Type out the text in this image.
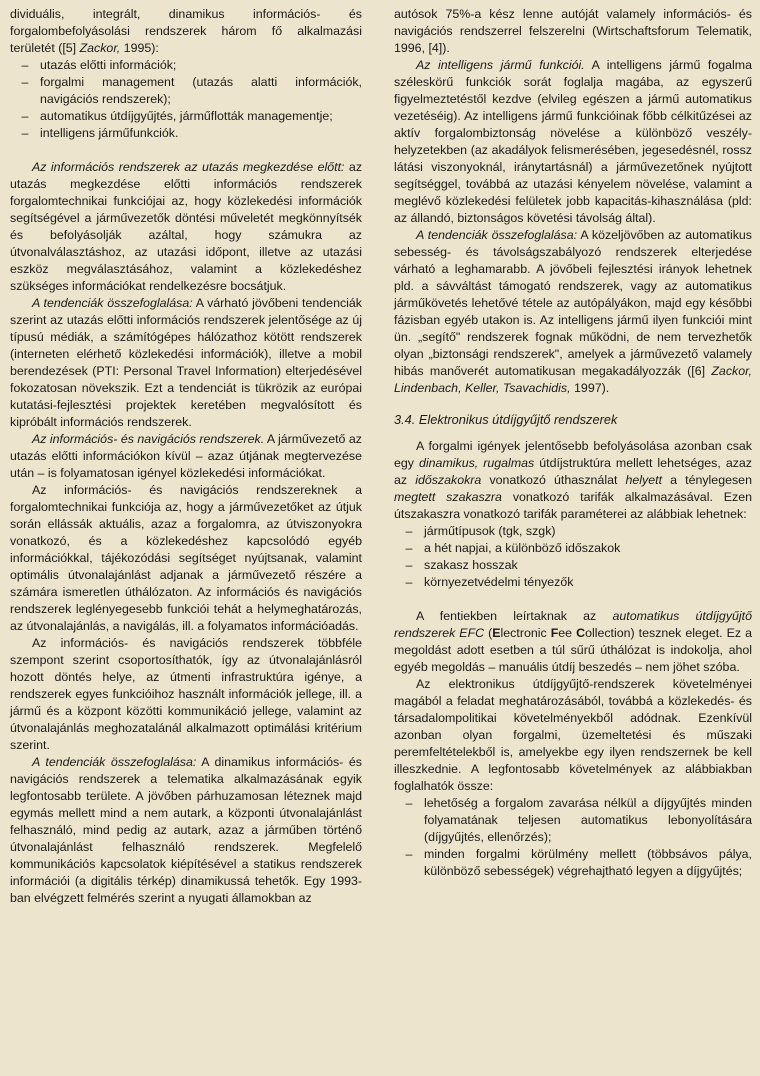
dividuális, integrált, dinamikus információs- és forgalombefolyásolási rendszerek három fő alkalmazási területét ([5] Zackor, 1995):

– utazás előtti információk;
– forgalmi management (utazás alatti információk, navigációs rendszerek);
– automatikus útdíjgyűjtés, járműflották managementje;
– intelligens járműfunkciók.

Az információs rendszerek az utazás megkezdése előtt: az utazás megkezdése előtti információs rendszerek forgalomtechnikai funkciójai az, hogy közlekedési információk segítségével a járművezetők döntési műveletét megkönnyítsék és befolyásolják azáltal, hogy számukra az útvonalválasztáshoz, az utazási időpont, illetve az utazási eszköz megválasztásához, valamint a közlekedéshez szükséges információkat rendelkezésre bocsátjuk.

A tendenciák összefoglalása: A várható jövőbeni tendenciák szerint az utazás előtti információs rendszerek jelentősége az új típusú médiák, a számítógépes hálózathoz kötött rendszerek (interneten elérhető közlekedési információk), illetve a mobil berendezések (PTI: Personal Travel Information) elterjedésével fokozatosan növekszik. Ezt a tendenciát is tükrözik az európai kutatási-fejlesztési projektek keretében megvalósított és kipróbált információs rendszerek.

Az információs- és navigációs rendszerek. A járművezető az utazás előtti információkon kívül – azaz útjának megtervezése után – is folyamatosan igényel közlekedési információkat.

Az információs- és navigációs rendszereknek a forgalomtechnikai funkciója az, hogy a járművezetőket az útjuk során ellássák aktuális, azaz a forgalomra, az útviszonyokra vonatkozó, és a közlekedéshez kapcsolódó egyéb információkkal, tájékozódási segítséget nyújtsanak, valamint optimális útvonalajánlást adjanak a járművezető részére a számára ismeretlen úthálózaton. Az információs és navigációs rendszerek leglényegesebb funkciói tehát a helymeghatározás, az útvonalajánlás, a navigálás, ill. a folyamatos információadás.

Az információs- és navigációs rendszerek többféle szempont szerint csoportosíthatók, így az útvonalajánlásról hozott döntés helye, az útmenti infrastruktúra igénye, a rendszerek egyes funkcióihoz használt információk jellege, ill. a jármű és a központ közötti kommunikáció jellege, valamint az útvonalajánlás meghozatalánál alkalmazott optimálási kritérium szerint.

A tendenciák összefoglalása: A dinamikus információs- és navigációs rendszerek a telematika alkalmazásának egyik legfontosabb területe. A jövőben párhuzamosan léteznek majd egymás mellett mind a nem autark, a központi útvonalajánlást felhasználó, mind pedig az autark, azaz a járműben történő útvonalajánlást felhasználó rendszerek. Megfelelő kommunikációs kapcsolatok kiépítésével a statikus rendszerek információi (a digitális térkép) dinamikussá tehetők. Egy 1993-ban elvégzett felmérés szerint a nyugati államokban az

autósok 75%-a kész lenne autóját valamely információs- és navigációs rendszerrel felszerelni (Wirtschaftsforum Telematik, 1996, [4]).

Az intelligens jármű funkciói. A intelligens jármű fogalma széleskörű funkciók sorát foglalja magába, az egyszerű figyelmeztetéstől kezdve (elvileg egészen a jármű automatikus vezetéséig). Az intelligens jármű funkcióinak főbb célkitűzései az aktív forgalombiztonság növelése a különböző veszély-helyzetekben (az akadályok felismerésében, jegesedésnél, rossz látási viszonyoknál, iránytartásnál) a járművezetőnek nyújtott segítséggel, továbbá az utazási kényelem növelése, valamint a meglévő közlekedési felületek jobb kapacitás-kihasználása (pld: az állandó, biztonságos követési távolság által).

A tendenciák összefoglalása: A közeljövőben az automatikus sebesség- és távolságszabályozó rendszerek elterjedése várható a leghamarabb. A jövőbeli fejlesztési irányok lehetnek pld. a sávváltást támogató rendszerek, vagy az automatikus járműkövetés lehetővé tétele az autópályákon, majd egy későbbi fázisban egyéb utakon is. Az intelligens jármű ilyen funkciói mint ün. „segítő" rendszerek fognak működni, de nem tervezhetők olyan „biztonsági rendszerek", amelyek a járművezető valamely hibás manőverét automatikusan megakadályozzák ([6] Zackor, Lindenbach, Keller, Tsavachidis, 1997).

3.4. Elektronikus útdíjgyűjtő rendszerek

A forgalmi igények jelentősebb befolyásolása azonban csak egy dinamikus, rugalmas útdíjstruktúra mellett lehetséges, azaz az időszakokra vonatkozó úthasználat helyett a ténylegesen megtett szakaszra vonatkozó tarifák alkalmazásával. Ezen útszakaszra vonatkozó tarifák paraméterei az alábbiak lehetnek:

– járműtípusok (tgk, szgk)
– a hét napjai, a különböző időszakok
– szakasz hosszak
– környezetvédelmi tényezők

A fentiekben leírtaknak az automatikus útdíjgyűjtő rendszerek EFC (Electronic Fee Collection) tesznek eleget. Ez a megoldást adott esetben a túl sűrű úthálózat is indokolja, ahol egyéb megoldás – manuális útdíj beszedés – nem jöhet szóba.

Az elektronikus útdíjgyűjtő-rendszerek követelményei magából a feladat meghatározásából, továbbá a közlekedés- és társadalompolitikai követelményekből adódnak. Ezenkívül azonban olyan forgalmi, üzemeltetési és műszaki peremfeltételekből is, amelyekbe egy ilyen rendszernek be kell illeszkednie. A legfontosabb követelmények az alábbiakban foglalhatók össze:

– lehetőség a forgalom zavarása nélkül a díjgyűjtés minden folyamatának teljesen automatikus lebonyolítására (díjgyűjtés, ellenőrzés);
– minden forgalmi körülmény mellett (többsávos pálya, különböző sebességek) végrehajtható legyen a díjgyűjtés;
